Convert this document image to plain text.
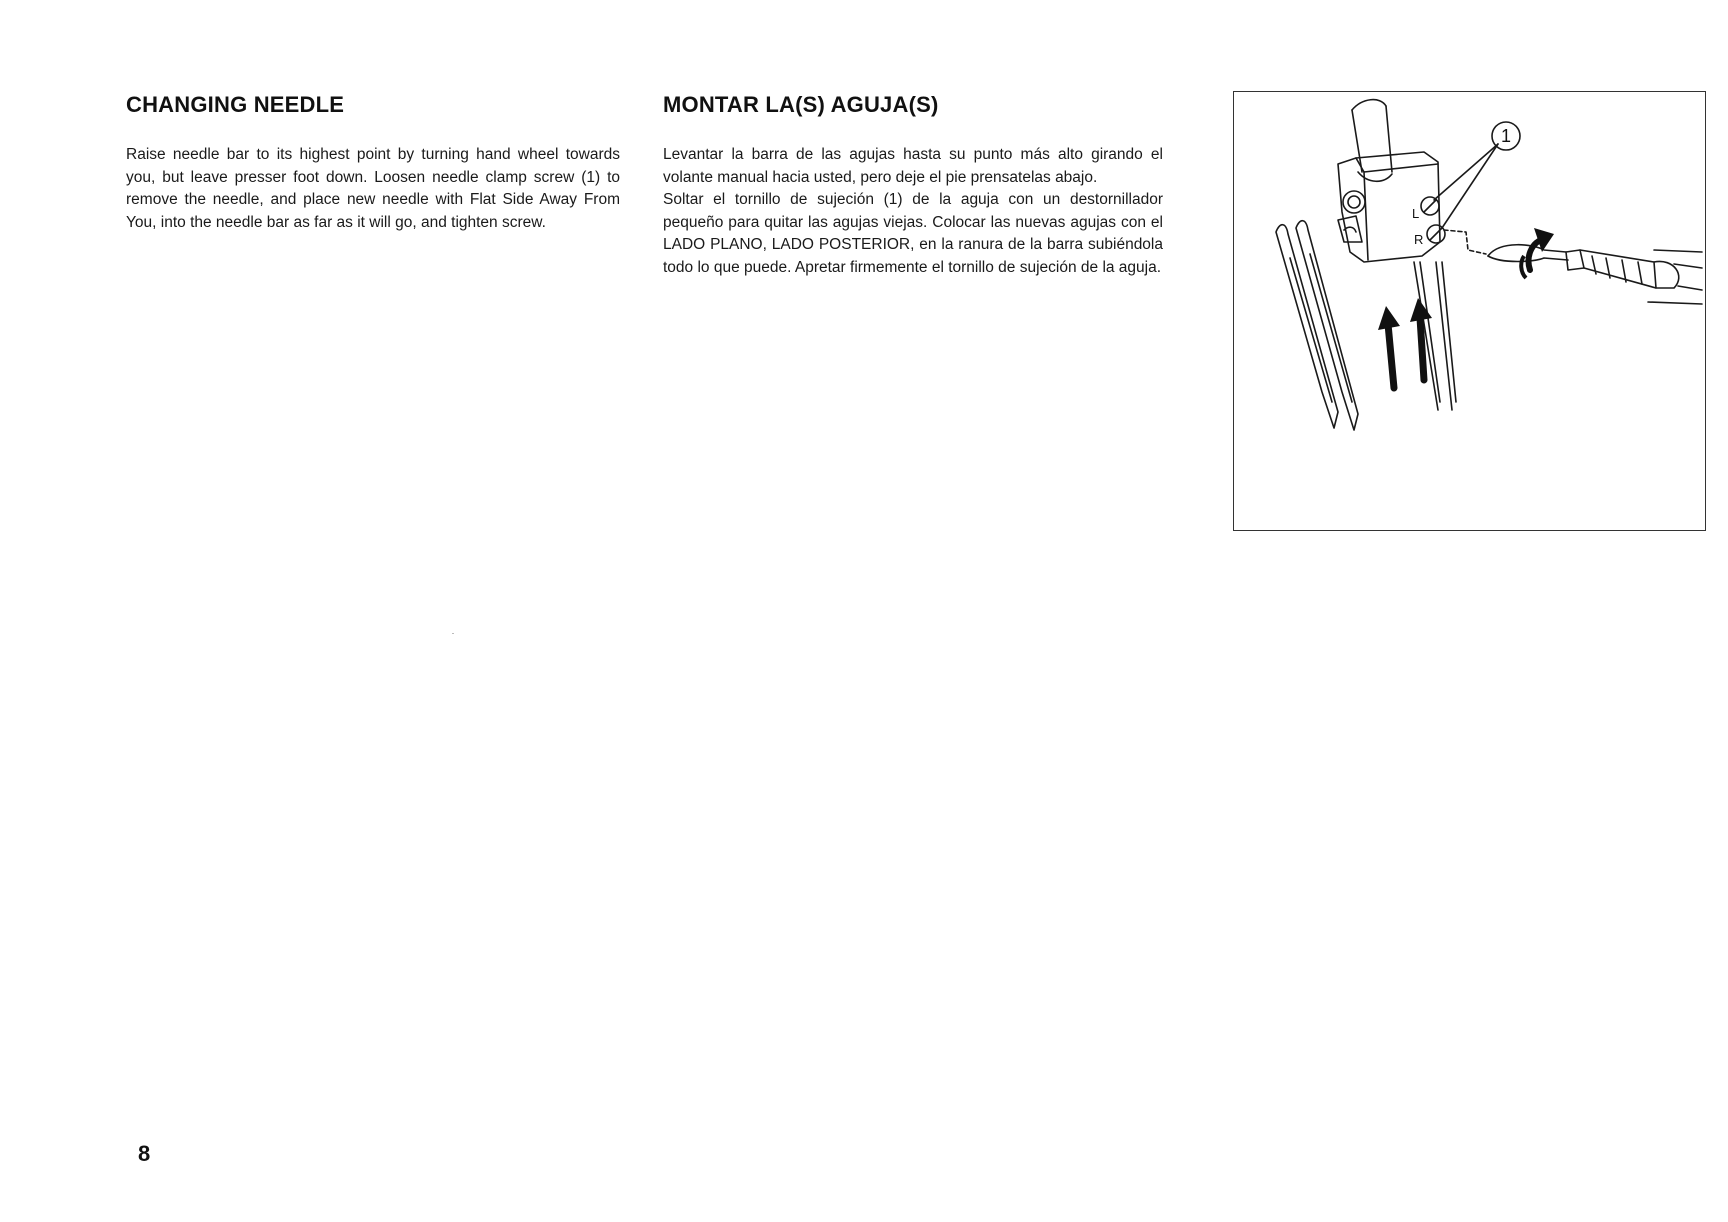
CHANGING NEEDLE

Raise needle bar to its highest point by turning hand wheel towards you, but leave presser foot down. Loosen needle clamp screw (1) to remove the needle, and place new needle with Flat Side Away From You, into the needle bar as far as it will go, and tighten screw.

MONTAR LA(S) AGUJA(S)

Levantar la barra de las agujas hasta su punto más alto girando el volante manual hacia usted, pero deje el pie prensatelas abajo.

Soltar el tornillo de sujeción (1) de la aguja con un destornillador pequeño para quitar las agujas viejas. Colocar las nuevas agujas con el LADO PLANO, LADO POSTERIOR, en la ranura de la barra subiéndola todo lo que puede. Apretar firmemente el tornillo de sujeción de la aguja.

1
L
R
8
